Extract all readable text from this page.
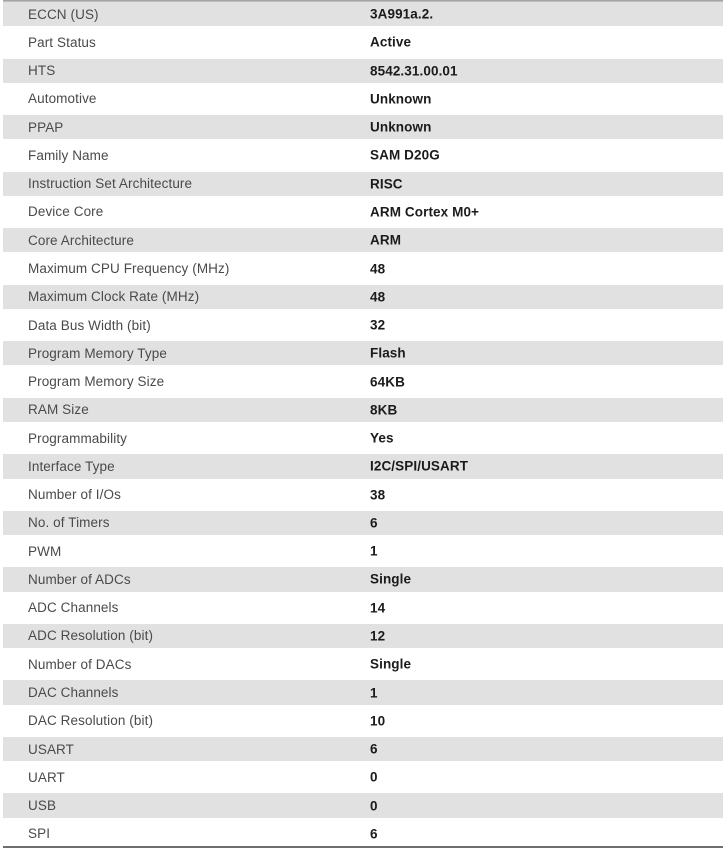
ECCN (US)	3A991a.2.
Part Status	Active
HTS	8542.31.00.01
Automotive	Unknown
PPAP	Unknown
Family Name	SAM D20G
Instruction Set Architecture	RISC
Device Core	ARM Cortex M0+
Core Architecture	ARM
Maximum CPU Frequency (MHz)	48
Maximum Clock Rate (MHz)	48
Data Bus Width (bit)	32
Program Memory Type	Flash
Program Memory Size	64KB
RAM Size	8KB
Programmability	Yes
Interface Type	I2C/SPI/USART
Number of I/Os	38
No. of Timers	6
PWM	1
Number of ADCs	Single
ADC Channels	14
ADC Resolution (bit)	12
Number of DACs	Single
DAC Channels	1
DAC Resolution (bit)	10
USART	6
UART	0
USB	0
SPI	6
